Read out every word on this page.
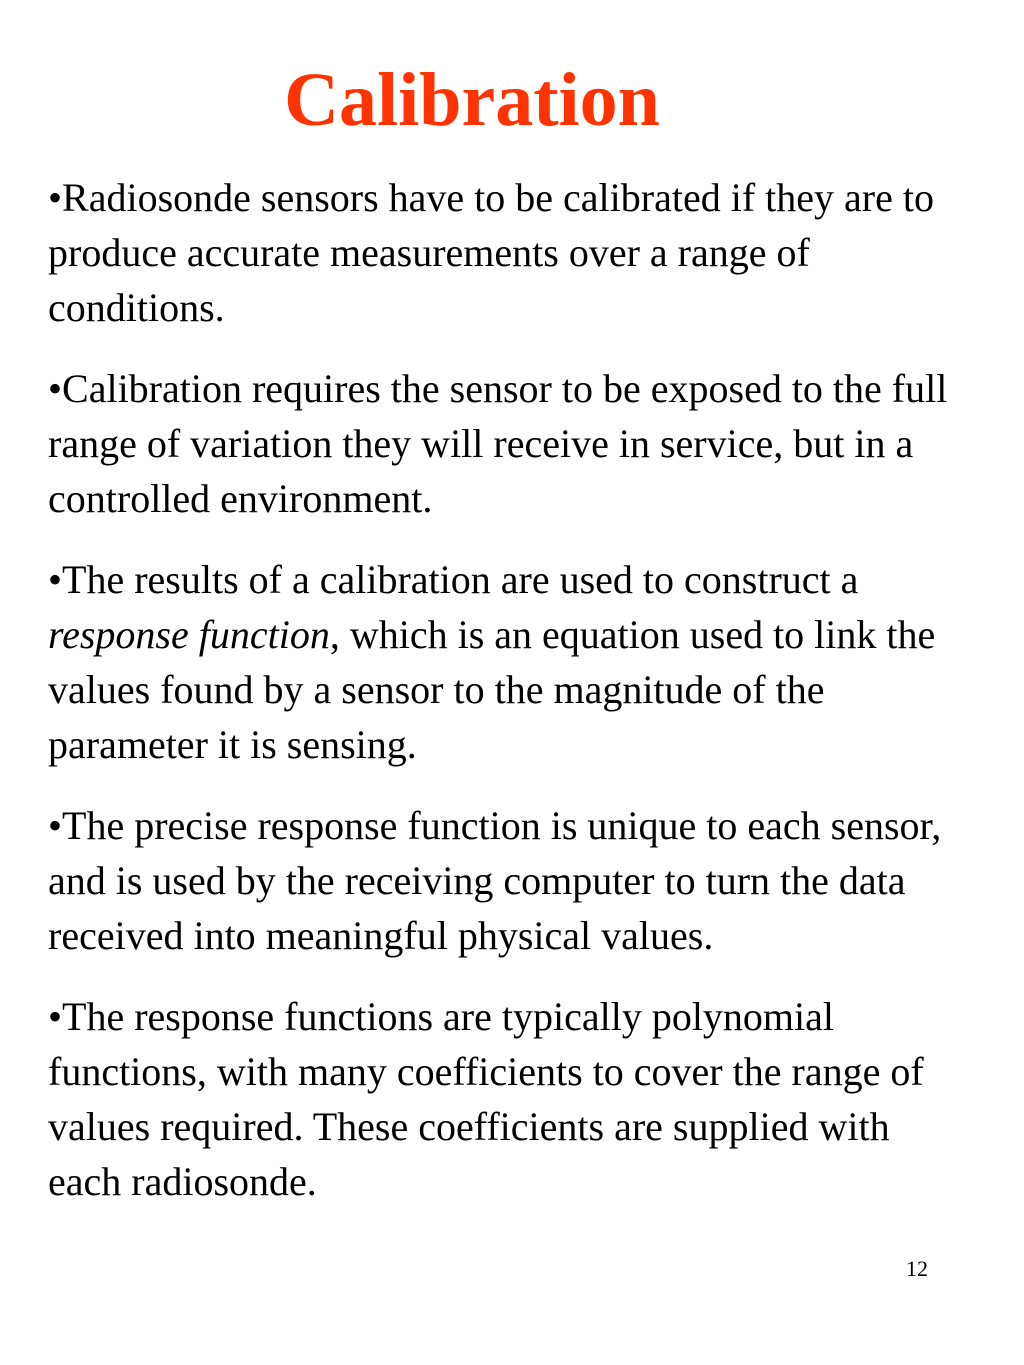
Calibration
•Radiosonde sensors have to be calibrated if they are to produce accurate measurements over a range of conditions.
•Calibration requires the sensor to be exposed to the full range of variation they will receive in service, but in a controlled environment.
•The results of a calibration are used to construct a response function, which is an equation used to link the values found by a sensor to the magnitude of the parameter it is sensing.
•The precise response function is unique to each sensor, and is used by the receiving computer to turn the data received into meaningful physical values.
•The response functions are typically polynomial functions, with many coefficients to cover the range of values required. These coefficients are supplied with each radiosonde.
12
